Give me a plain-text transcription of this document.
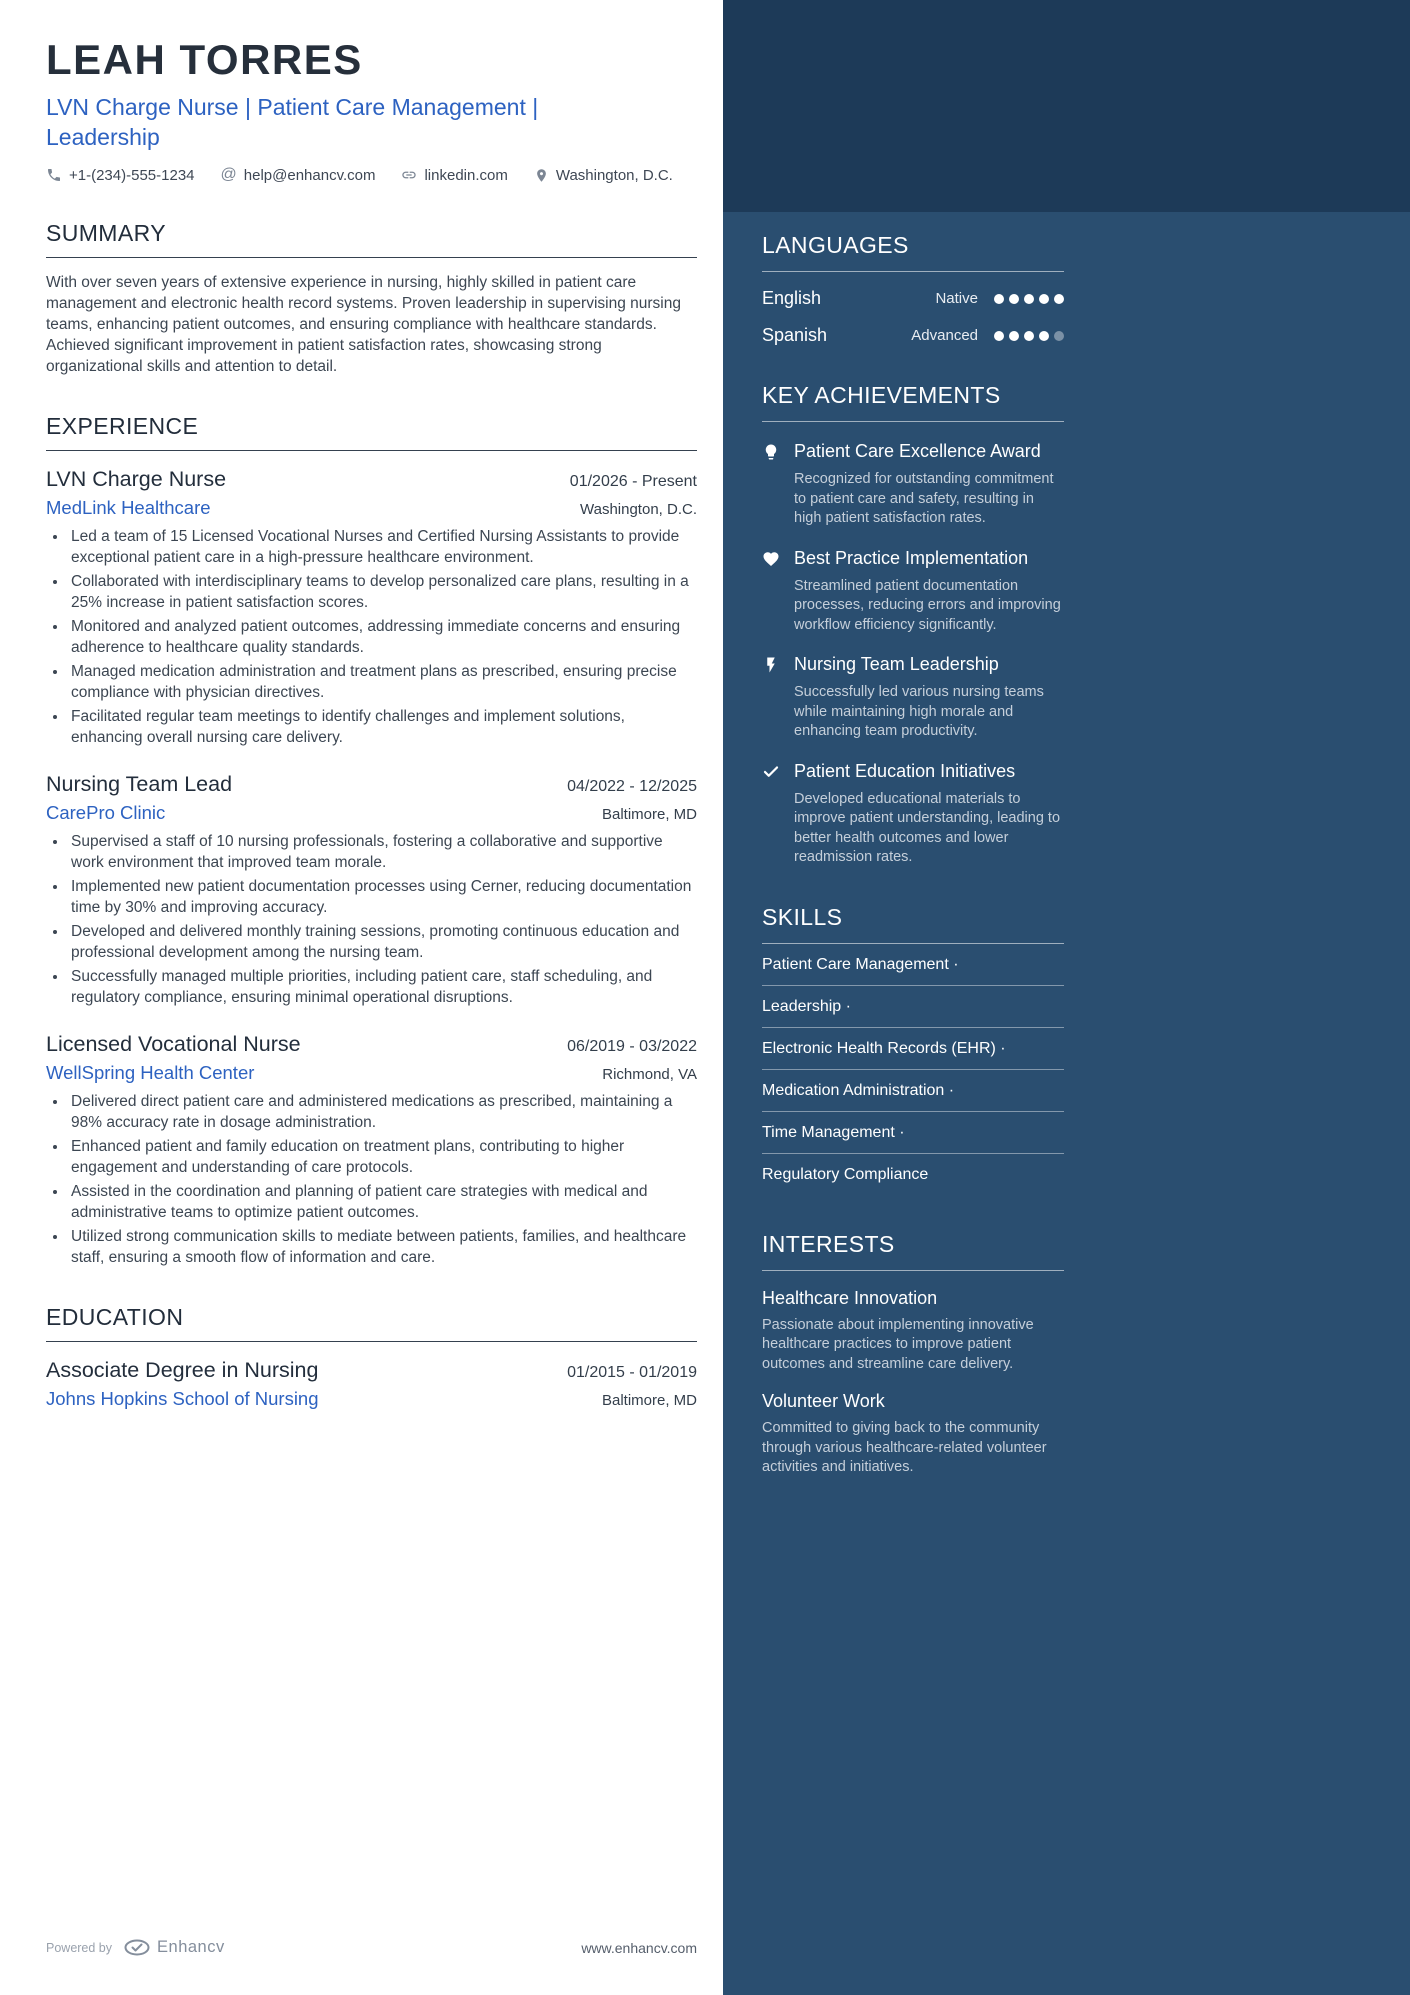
LEAH TORRES
LVN Charge Nurse | Patient Care Management | Leadership
+1-(234)-555-1234 @ help@enhancv.com	linkedin.com	Washington, D.C.
SUMMARY
With over seven years of extensive experience in nursing, highly skilled in patient care management and electronic health record systems. Proven leadership in supervising nursing teams, enhancing patient outcomes, and ensuring compliance with healthcare standards. Achieved significant improvement in patient satisfaction rates, showcasing strong organizational skills and attention to detail.
EXPERIENCE
LVN Charge Nurse	01/2026 - Present
MedLink Healthcare	Washington, D.C.
• Led a team of 15 Licensed Vocational Nurses and Certified Nursing Assistants to provide exceptional patient care in a high-pressure healthcare environment.
• Collaborated with interdisciplinary teams to develop personalized care plans, resulting in a 25% increase in patient satisfaction scores.
• Monitored and analyzed patient outcomes, addressing immediate concerns and ensuring adherence to healthcare quality standards.
• Managed medication administration and treatment plans as prescribed, ensuring precise compliance with physician directives.
• Facilitated regular team meetings to identify challenges and implement solutions, enhancing overall nursing care delivery.
Nursing Team Lead	04/2022 - 12/2025
CarePro Clinic	Baltimore, MD
• Supervised a staff of 10 nursing professionals, fostering a collaborative and supportive work environment that improved team morale.
• Implemented new patient documentation processes using Cerner, reducing documentation time by 30% and improving accuracy.
• Developed and delivered monthly training sessions, promoting continuous education and professional development among the nursing team.
• Successfully managed multiple priorities, including patient care, staff scheduling, and regulatory compliance, ensuring minimal operational disruptions.
Licensed Vocational Nurse	06/2019 - 03/2022
WellSpring Health Center	Richmond, VA
• Delivered direct patient care and administered medications as prescribed, maintaining a 98% accuracy rate in dosage administration.
• Enhanced patient and family education on treatment plans, contributing to higher engagement and understanding of care protocols.
• Assisted in the coordination and planning of patient care strategies with medical and administrative teams to optimize patient outcomes.
• Utilized strong communication skills to mediate between patients, families, and healthcare staff, ensuring a smooth flow of information and care.
EDUCATION
Associate Degree in Nursing	01/2015 - 01/2019
Johns Hopkins School of Nursing	Baltimore, MD
Powered by	Enhancv	www.enhancv.com
LANGUAGES
English	Native
Spanish	Advanced
KEY ACHIEVEMENTS
Patient Care Excellence Award
Recognized for outstanding commitment to patient care and safety, resulting in high patient satisfaction rates.
Best Practice Implementation
Streamlined patient documentation processes, reducing errors and improving workflow efficiency significantly.
Nursing Team Leadership
Successfully led various nursing teams while maintaining high morale and enhancing team productivity.
Patient Education Initiatives
Developed educational materials to improve patient understanding, leading to better health outcomes and lower readmission rates.
SKILLS
Patient Care Management ·
Leadership ·
Electronic Health Records (EHR) ·
Medication Administration ·
Time Management ·
Regulatory Compliance
INTERESTS
Healthcare Innovation
Passionate about implementing innovative healthcare practices to improve patient outcomes and streamline care delivery.
Volunteer Work
Committed to giving back to the community through various healthcare-related volunteer activities and initiatives.
